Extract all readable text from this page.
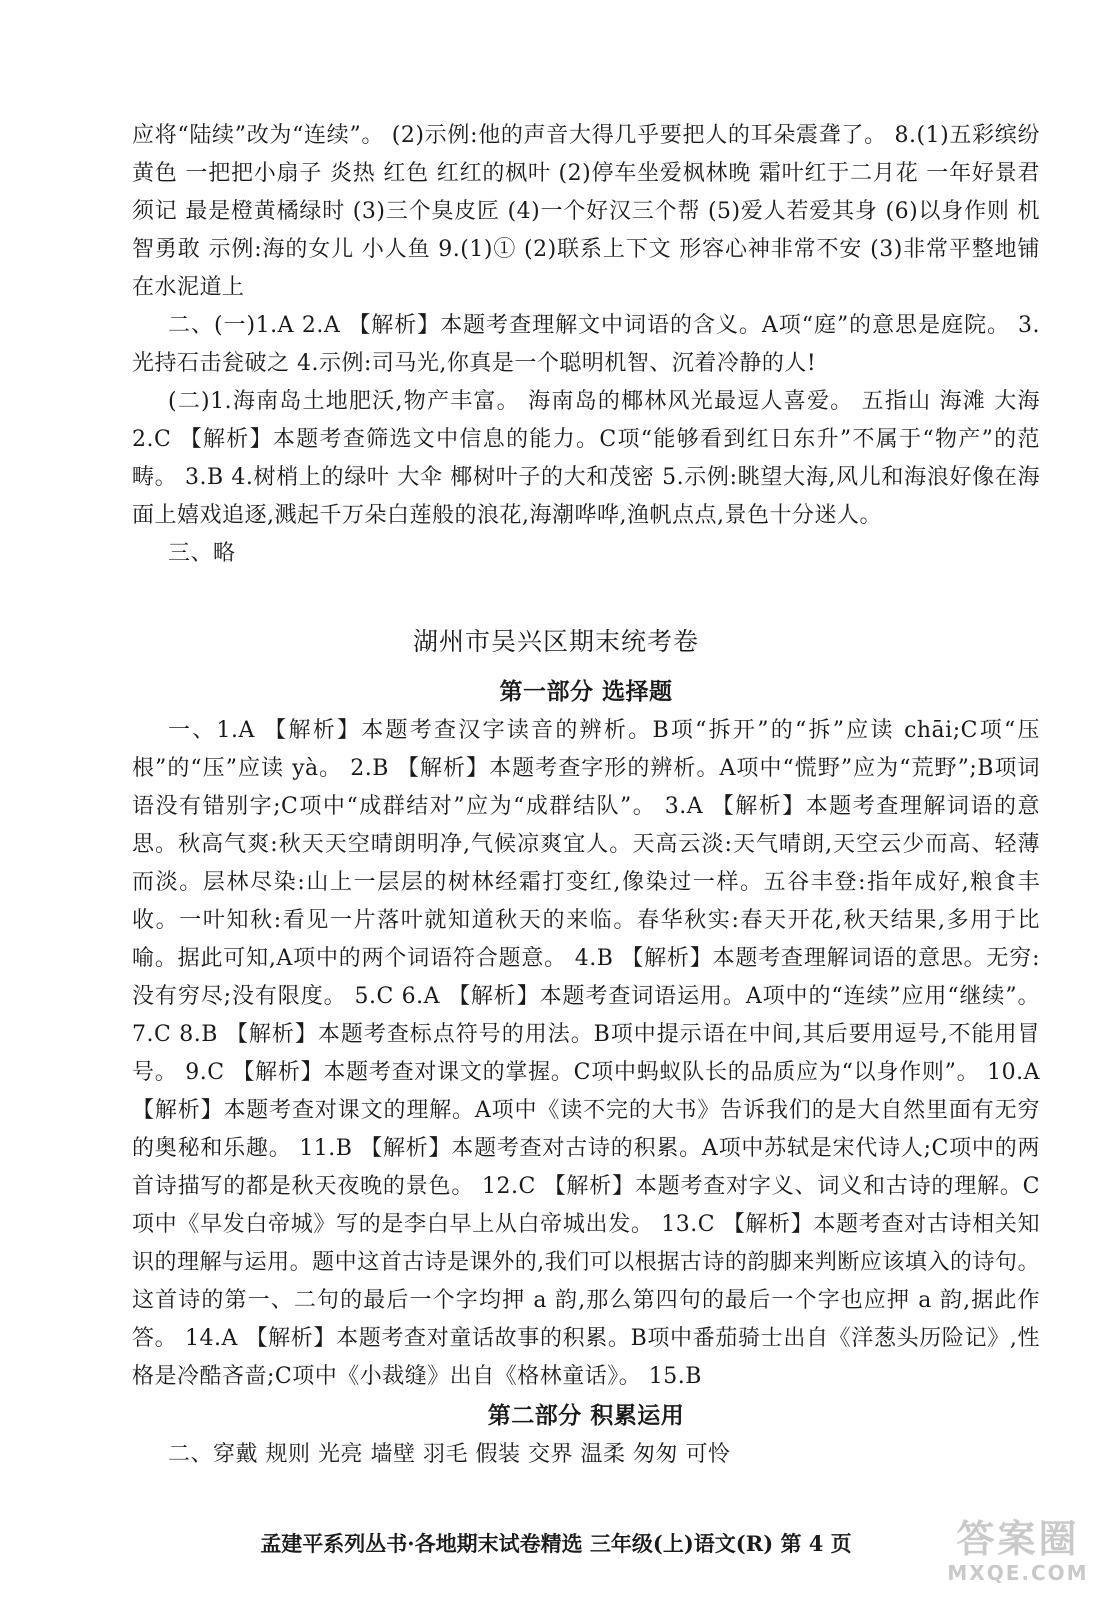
应将“陆续”改为“连续”。 (2)示例:他的声音大得几乎要把人的耳朵震聋了。 8.(1)五彩缤纷 黄色 一把把小扇子 炎热 红色 红红的枫叶 (2)停车坐爱枫林晚 霜叶红于二月花 一年好景君须记 最是橙黄橘绿时 (3)三个臭皮匠 (4)一个好汉三个帮 (5)爱人若爱其身 (6)以身作则 机智勇敢 示例:海的女儿 小人鱼 9.(1)① (2)联系上下文 形容心神非常不安 (3)非常平整地铺在水泥道上

二、(一)1.A 2.A 【解析】本题考查理解文中词语的含义。A项“庭”的意思是庭院。 3.光持石击瓮破之 4.示例:司马光,你真是一个聪明机智、沉着冷静的人!

(二)1.海南岛土地肥沃,物产丰富。 海南岛的椰林风光最逗人喜爱。 五指山 海滩 大海 2.C 【解析】本题考查筛选文中信息的能力。C项“能够看到红日东升”不属于“物产”的范畴。 3.B 4.树梢上的绿叶 大伞 椰树叶子的大和茂密 5.示例:眺望大海,风儿和海浪好像在海面上嬉戏追逐,溅起千万朵白莲般的浪花,海潮哗哗,渔帆点点,景色十分迷人。

三、略

湖州市吴兴区期末统考卷

第一部分 选择题

一、1.A 【解析】本题考查汉字读音的辨析。B项“拆开”的“拆”应读 chāi;C项“压根”的“压”应读 yà。 2.B 【解析】本题考查字形的辨析。A项中“慌野”应为“荒野”;B项词语没有错别字;C项中“成群结对”应为“成群结队”。 3.A 【解析】本题考查理解词语的意思。秋高气爽:秋天天空晴朗明净,气候凉爽宜人。天高云淡:天气晴朗,天空云少而高、轻薄而淡。层林尽染:山上一层层的树林经霜打变红,像染过一样。五谷丰登:指年成好,粮食丰收。一叶知秋:看见一片落叶就知道秋天的来临。春华秋实:春天开花,秋天结果,多用于比喻。据此可知,A项中的两个词语符合题意。 4.B 【解析】本题考查理解词语的意思。无穷:没有穷尽;没有限度。 5.C 6.A 【解析】本题考查词语运用。A项中的“连续”应用“继续”。 7.C 8.B 【解析】本题考查标点符号的用法。B项中提示语在中间,其后要用逗号,不能用冒号。 9.C 【解析】本题考查对课文的掌握。C项中蚂蚁队长的品质应为“以身作则”。 10.A 【解析】本题考查对课文的理解。A项中《读不完的大书》告诉我们的是大自然里面有无穷的奥秘和乐趣。 11.B 【解析】本题考查对古诗的积累。A项中苏轼是宋代诗人;C项中的两首诗描写的都是秋天夜晚的景色。 12.C 【解析】本题考查对字义、词义和古诗的理解。C项中《早发白帝城》写的是李白早上从白帝城出发。 13.C 【解析】本题考查对古诗相关知识的理解与运用。题中这首古诗是课外的,我们可以根据古诗的韵脚来判断应该填入的诗句。这首诗的第一、二句的最后一个字均押 a 韵,那么第四句的最后一个字也应押 a 韵,据此作答。 14.A 【解析】本题考查对童话故事的积累。B项中番茄骑士出自《洋葱头历险记》,性格是冷酷吝啬;C项中《小裁缝》出自《格林童话》。 15.B

第二部分 积累运用

二、穿戴 规则 光亮 墙壁 羽毛 假装 交界 温柔 匆匆 可怜

孟建平系列丛书·各地期末试卷精选 三年级(上)语文(R) 第 4 页	答案圈
MXQE.COM
